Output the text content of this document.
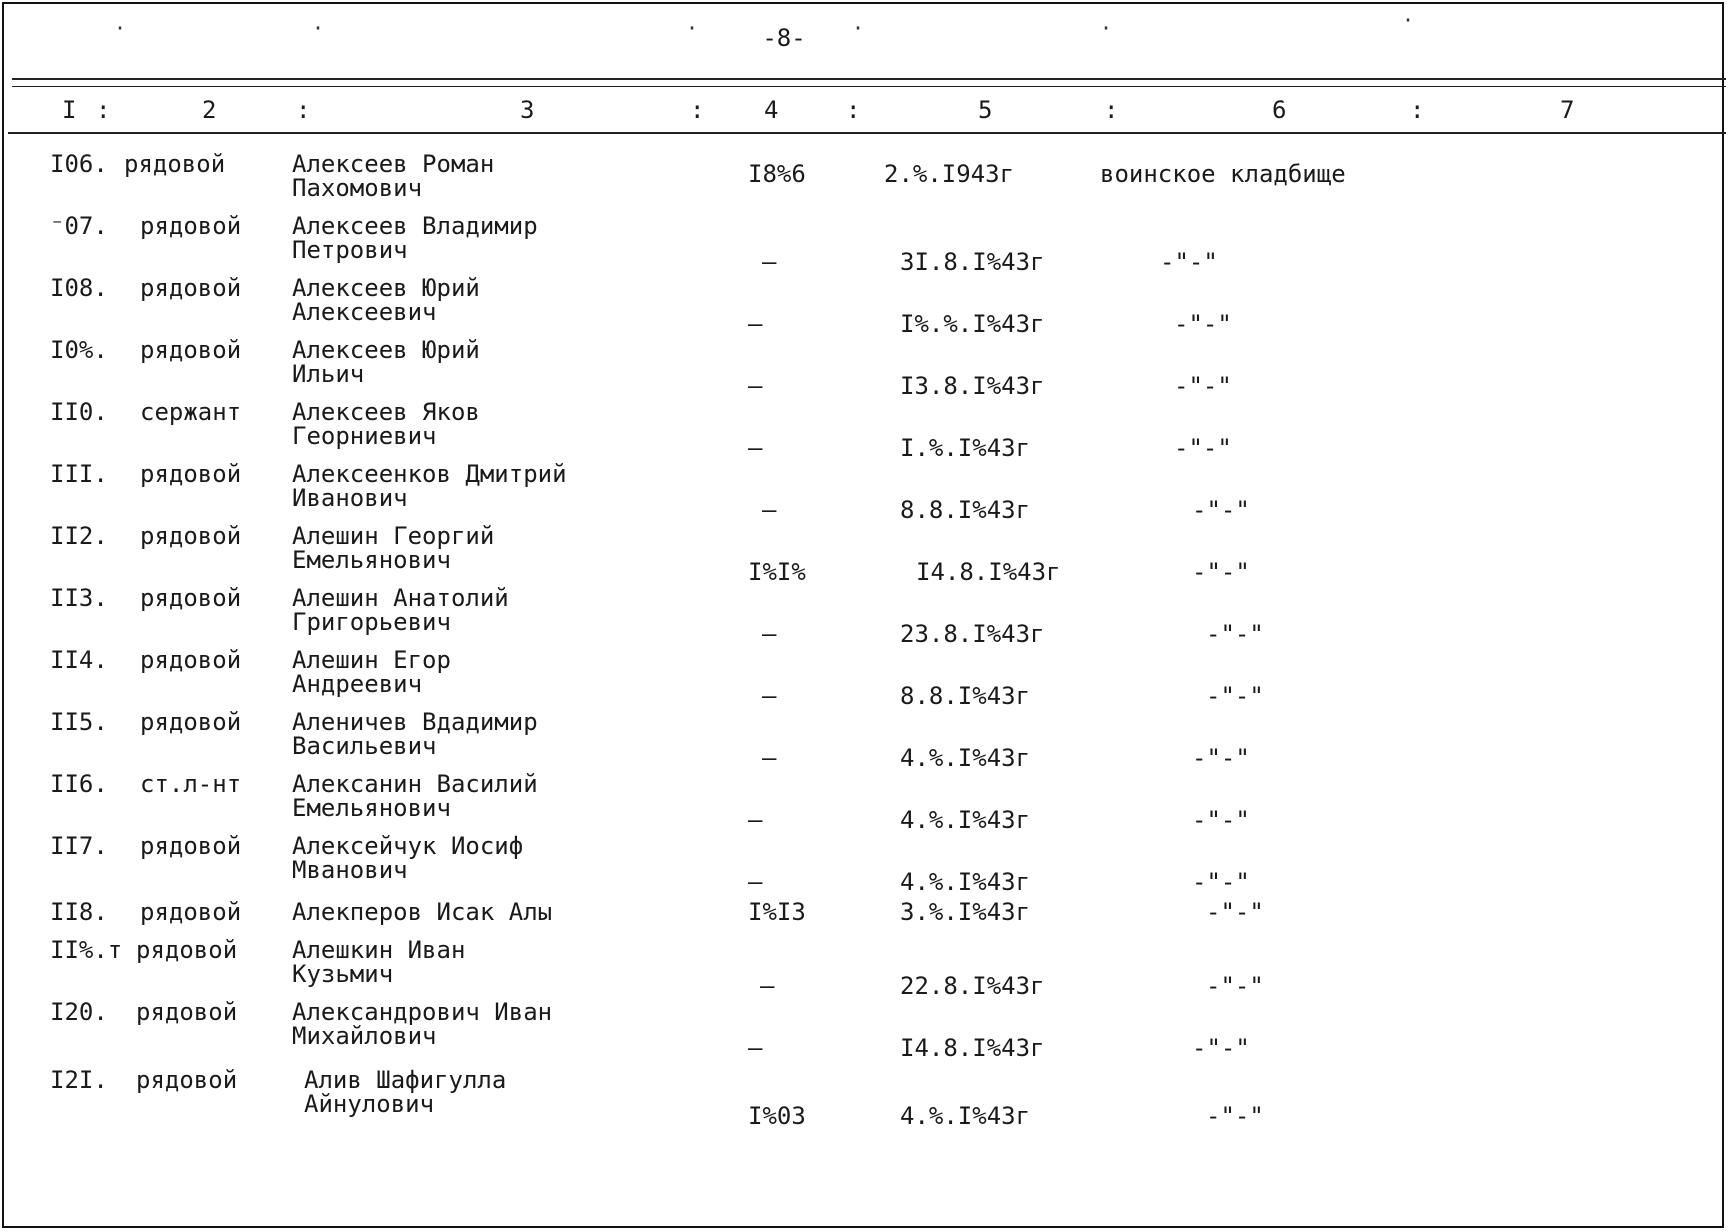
-8-
·	·	·	·	·	·
I :	2	:	3	: 4	:	5	:	6	:	7
I06. рядовой	Алексеев Роман
Пахомович	I8%6	2.%.I943г	воинское кладбище
⁻07. рядовой Алексеев Владимир
Петрович	–	3I.8.I%43г	-"-"
I08. рядовой Алексеев Юрий
Алексеевич	–	I%.%.I%43г	-"-"
I0%. рядовой Алексеев Юрий
Ильич	–	I3.8.I%43г	-"-"
II0. сержант Алексеев Яков
Георниевич	–	I.%.I%43г	-"-"
III. рядовой Алексеенков Дмитрий
Иванович	–	8.8.I%43г	-"-"
II2. рядовой Алешин Георгий
Емельянович	I%I%	I4.8.I%43г	-"-"
II3. рядовой Алешин Анатолий
Григорьевич	–	23.8.I%43г	-"-"
II4. рядовой Алешин Егор
Андреевич	–	8.8.I%43г	-"-"
II5. рядовой Аленичев Вдадимир
Васильевич	–	4.%.I%43г	-"-"
II6. ст.л-нт Алексанин Василий
Емельянович	–	4.%.I%43г	-"-"
II7. рядовой Алексейчук Иосиф
Мванович	–	4.%.I%43г	-"-"
II8. рядовой Алекперов Исак Алы	I%I3	3.%.I%43г	-"-"
II%.т рядовой Алешкин Иван
Кузьмич	–	22.8.I%43г	-"-"
I20. рядовой Александрович Иван
Михайлович	–	I4.8.I%43г	-"-"
I2I. рядовой	Алив Шафигулла
Айнулович	I%03	4.%.I%43г	-"-"
